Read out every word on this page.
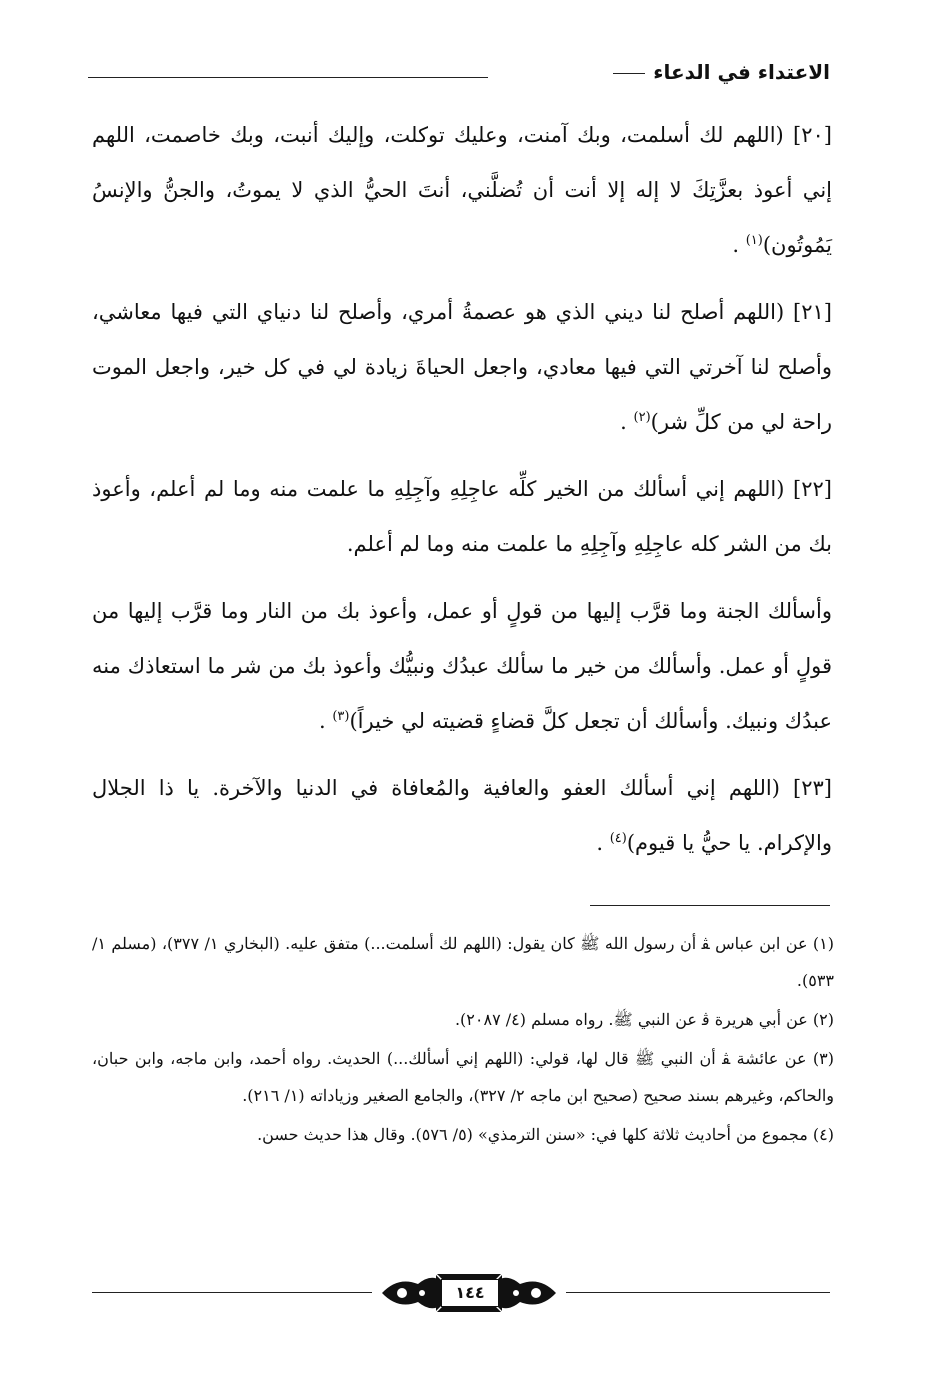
الاعتداء في الدعاء

[٢٠] (اللهم لك أسلمت، وبك آمنت، وعليك توكلت، وإليك أنبت، وبك خاصمت، اللهم إني أعوذ بعزَّتِكَ لا إله إلا أنت أن تُضلَّني، أنتَ الحيُّ الذي لا يموتُ، والجنُّ والإنسُ يَمُوتُون)$^{(١)}$ .

[٢١] (اللهم أصلح لنا ديني الذي هو عصمةُ أمري، وأصلح لنا دنياي التي فيها معاشي، وأصلح لنا آخرتي التي فيها معادي، واجعل الحياةَ زيادة لي في كل خير، واجعل الموت راحة لي من كلِّ شر)$^{(٢)}$ .

[٢٢] (اللهم إني أسألك من الخير كلِّه عاجِلِهِ وآجِلِهِ ما علمت منه وما لم أعلم، وأعوذ بك من الشر كله عاجِلِهِ وآجِلِهِ ما علمت منه وما لم أعلم.

وأسألك الجنة وما قرَّب إليها من قولٍ أو عمل، وأعوذ بك من النار وما قرَّب إليها من قولٍ أو عمل. وأسألك من خير ما سألك عبدُك ونبيُّك وأعوذ بك من شر ما استعاذك منه عبدُك ونبيك. وأسألك أن تجعل كلَّ قضاءٍ قضيته لي خيراً)$^{(٣)}$ .

[٢٣] (اللهم إني أسألك العفو والعافية والمُعافاة في الدنيا والآخرة. يا ذا الجلال والإكرام. يا حيُّ يا قيوم)$^{(٤)}$ .

(١) عن ابن عباس ﭭ أن رسول الله ﷺ كان يقول: (اللهم لك أسلمت...) متفق عليه. (البخاري ١/ ٣٧٧)، (مسلم ١/ ٥٣٣).

(٢) عن أبي هريرة ﭬ عن النبي ﷺ. رواه مسلم (٤/ ٢٠٨٧).

(٣) عن عائشة ﭭ أن النبي ﷺ قال لها، قولي: (اللهم إني أسألك...) الحديث. رواه أحمد، وابن ماجه، وابن حبان، والحاكم، وغيرهم بسند صحيح (صحيح ابن ماجه ٢/ ٣٢٧)، والجامع الصغير وزياداته (١/ ٢١٦).

(٤) مجموع من أحاديث ثلاثة كلها في: «سنن الترمذي» (٥/ ٥٧٦). وقال هذا حديث حسن.

١٤٤
